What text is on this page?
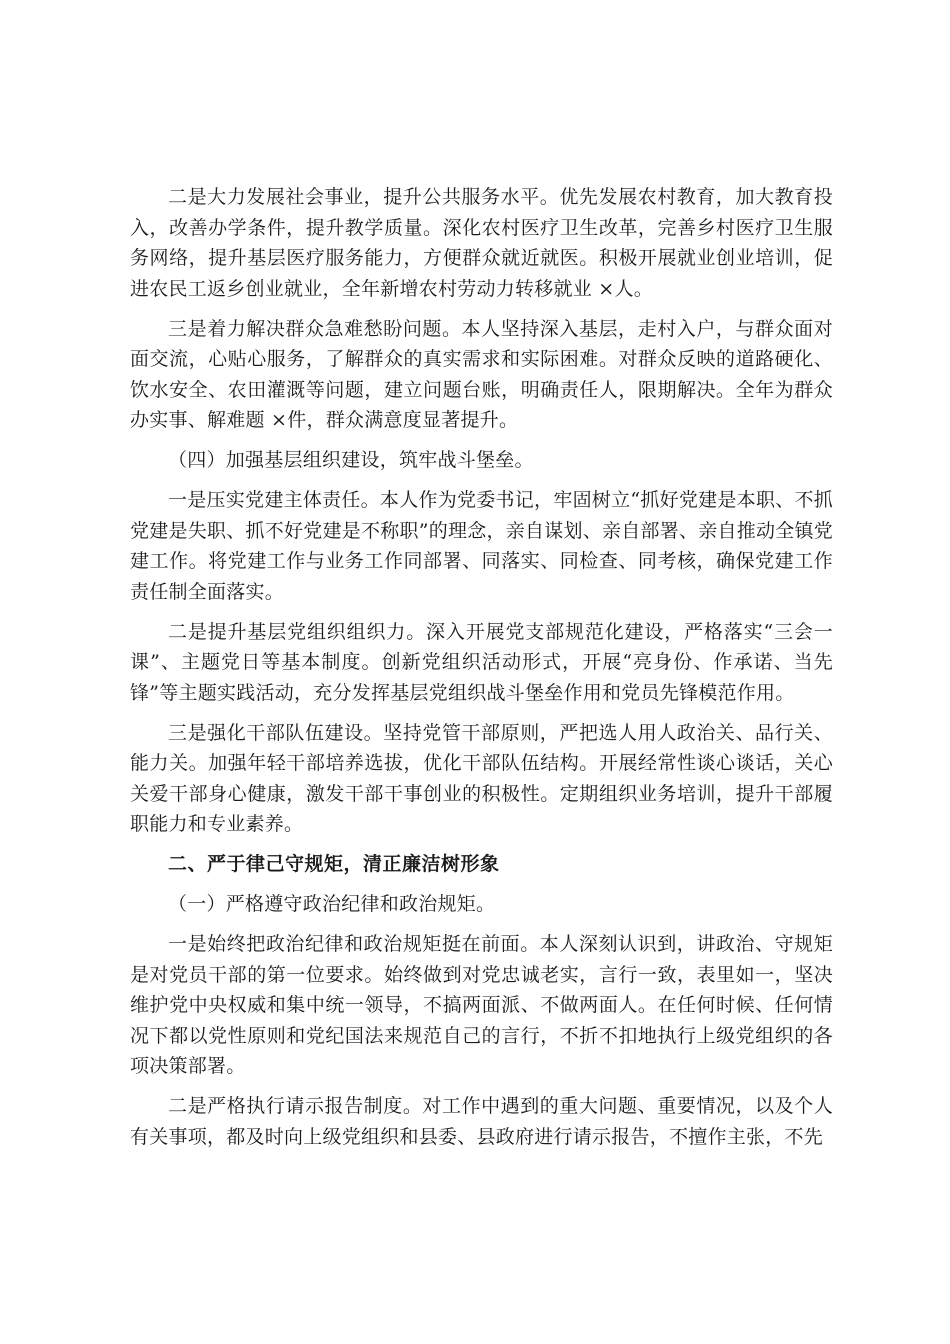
二是大力发展社会事业，提升公共服务水平。优先发展农村教育，加大教育投入，改善办学条件，提升教学质量。深化农村医疗卫生改革，完善乡村医疗卫生服务网络，提升基层医疗服务能力，方便群众就近就医。积极开展就业创业培训，促进农民工返乡创业就业，全年新增农村劳动力转移就业 ×人。

三是着力解决群众急难愁盼问题。本人坚持深入基层，走村入户，与群众面对面交流，心贴心服务，了解群众的真实需求和实际困难。对群众反映的道路硬化、饮水安全、农田灌溉等问题，建立问题台账，明确责任人，限期解决。全年为群众办实事、解难题 ×件，群众满意度显著提升。

（四）加强基层组织建设，筑牢战斗堡垒。

一是压实党建主体责任。本人作为党委书记，牢固树立“抓好党建是本职、不抓党建是失职、抓不好党建是不称职”的理念，亲自谋划、亲自部署、亲自推动全镇党建工作。将党建工作与业务工作同部署、同落实、同检查、同考核，确保党建工作责任制全面落实。

二是提升基层党组织组织力。深入开展党支部规范化建设，严格落实“三会一课”、主题党日等基本制度。创新党组织活动形式，开展“亮身份、作承诺、当先锋”等主题实践活动，充分发挥基层党组织战斗堡垒作用和党员先锋模范作用。

三是强化干部队伍建设。坚持党管干部原则，严把选人用人政治关、品行关、能力关。加强年轻干部培养选拔，优化干部队伍结构。开展经常性谈心谈话，关心关爱干部身心健康，激发干部干事创业的积极性。定期组织业务培训，提升干部履职能力和专业素养。

二、严于律己守规矩，清正廉洁树形象

（一）严格遵守政治纪律和政治规矩。

一是始终把政治纪律和政治规矩挺在前面。本人深刻认识到，讲政治、守规矩是对党员干部的第一位要求。始终做到对党忠诚老实，言行一致，表里如一，坚决维护党中央权威和集中统一领导，不搞两面派、不做两面人。在任何时候、任何情况下都以党性原则和党纪国法来规范自己的言行，不折不扣地执行上级党组织的各项决策部署。

二是严格执行请示报告制度。对工作中遇到的重大问题、重要情况，以及个人有关事项，都及时向上级党组织和县委、县政府进行请示报告，不擅作主张，不先
